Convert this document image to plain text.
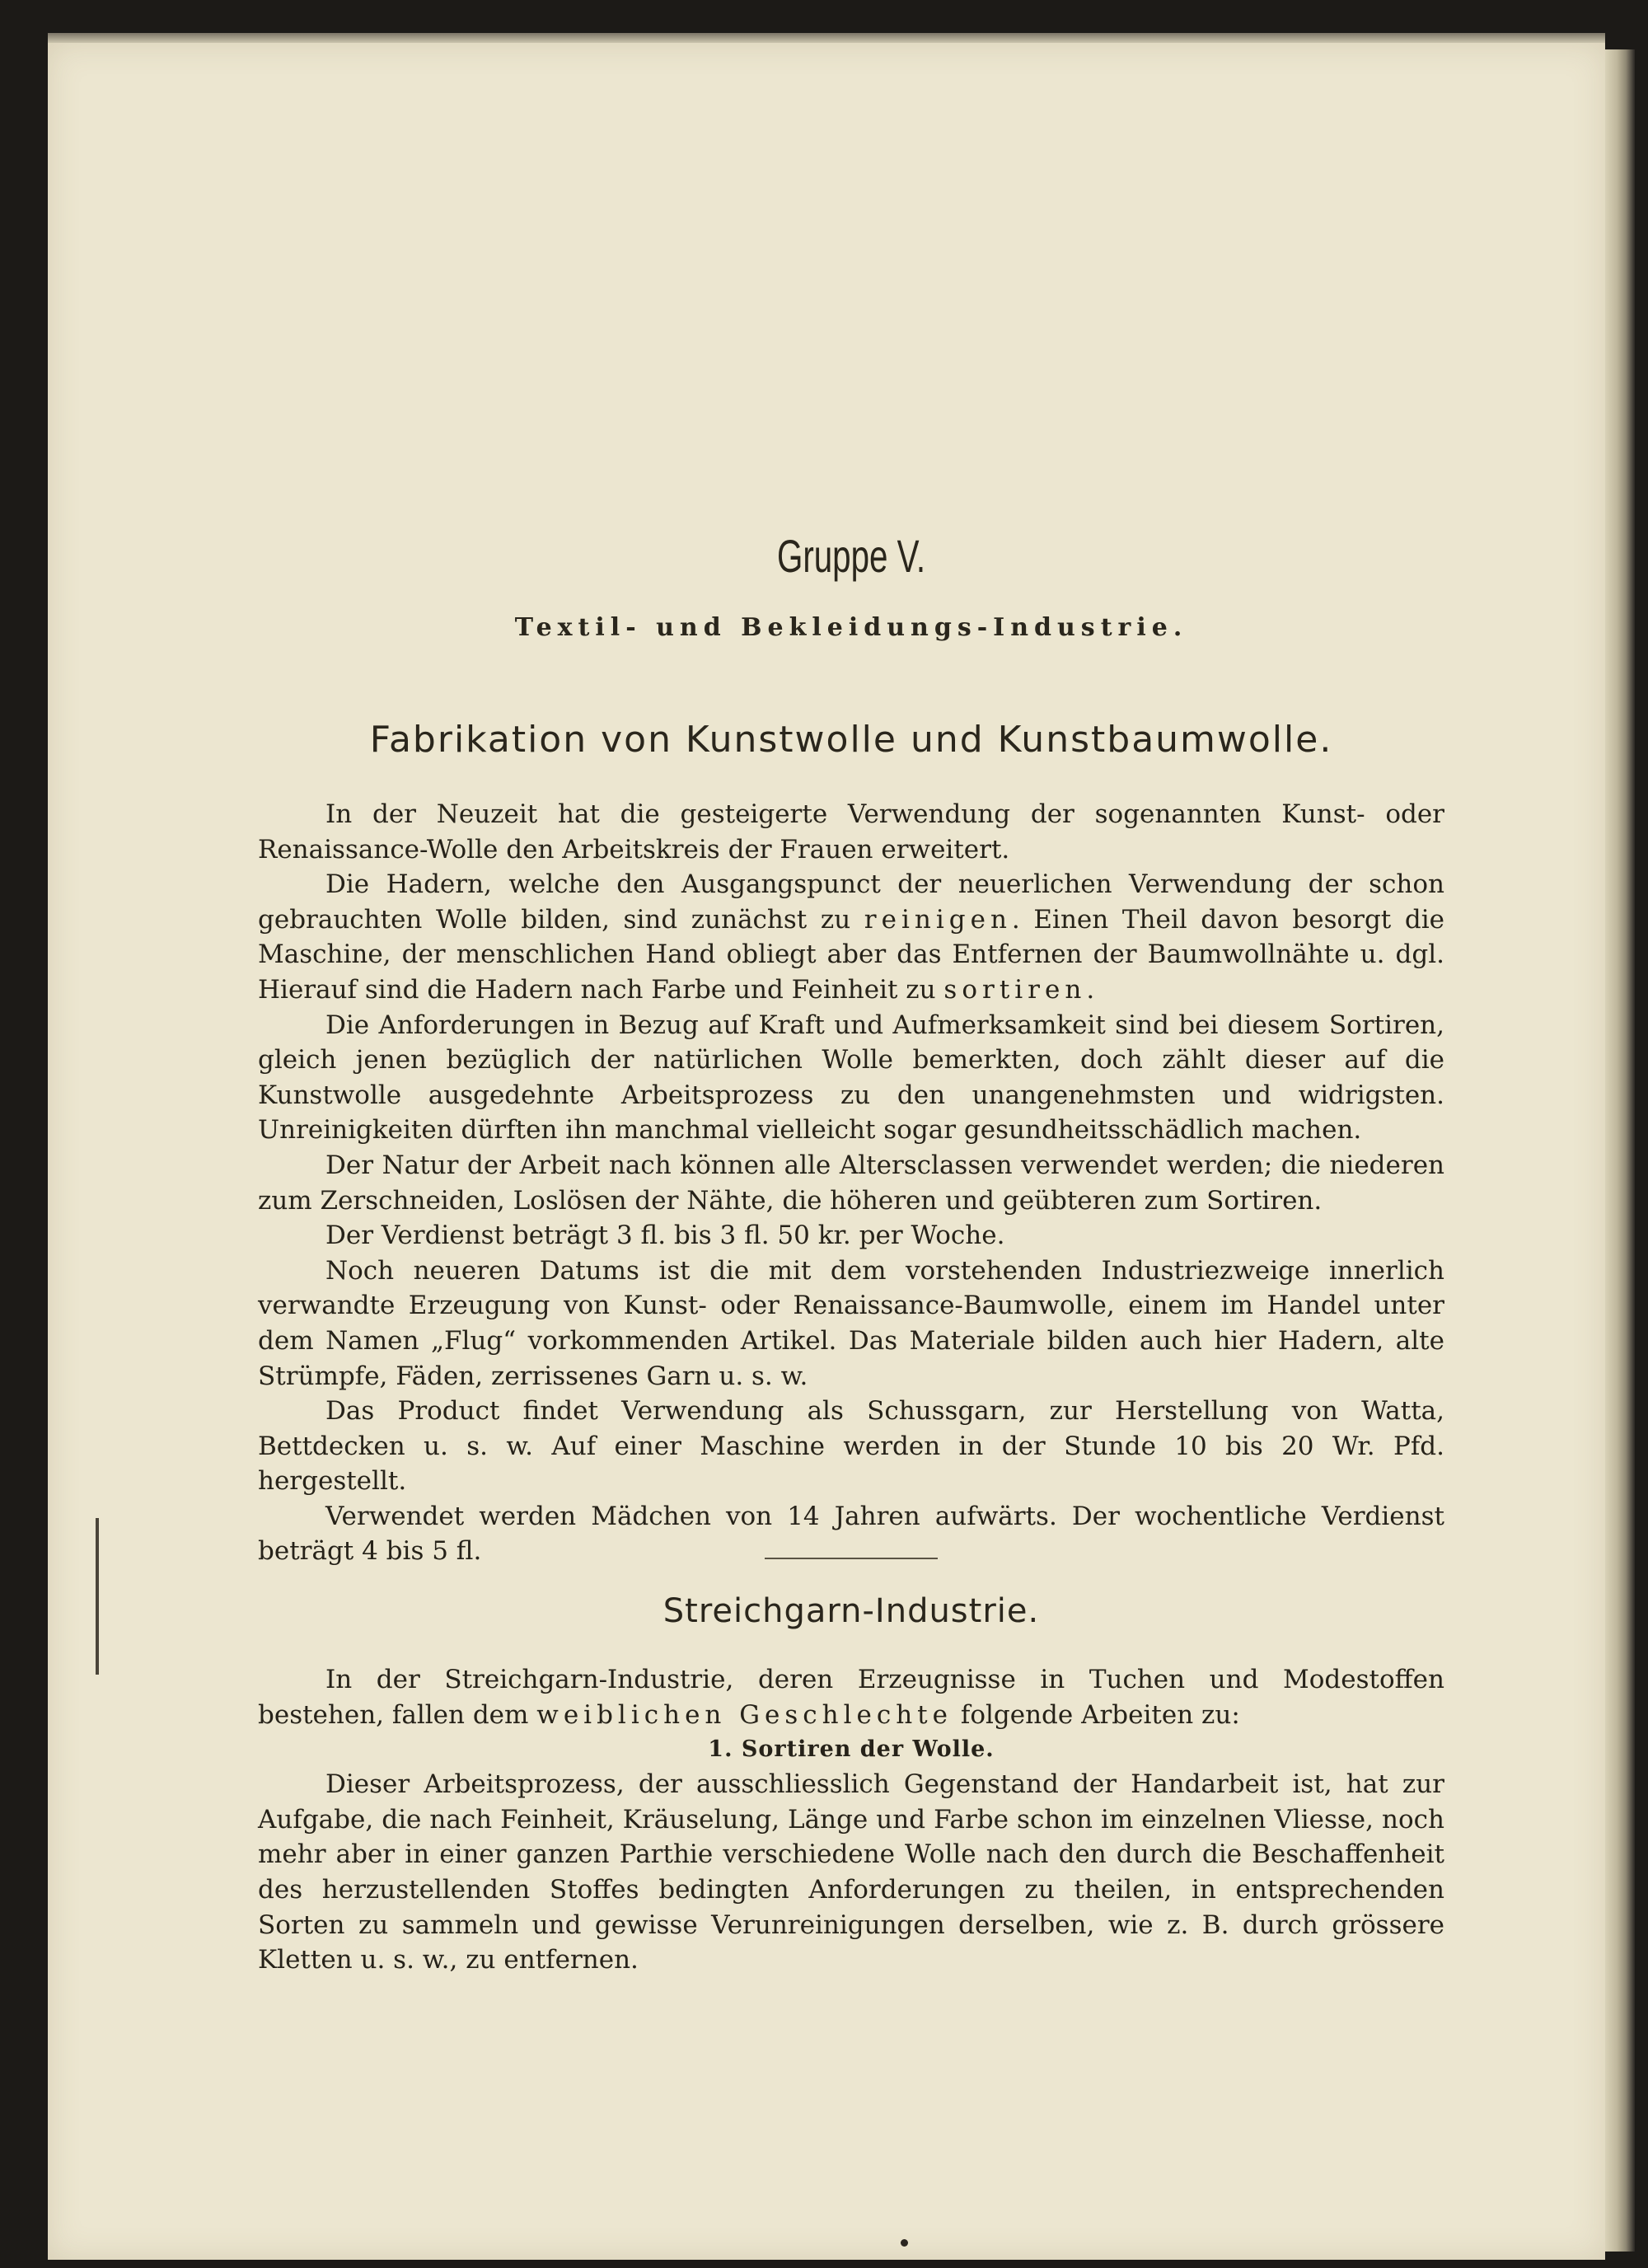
Gruppe V.
Textil- und Bekleidungs-Industrie.
Fabrikation von Kunstwolle und Kunstbaumwolle.

In der Neuzeit hat die gesteigerte Verwendung der sogenannten Kunst- oder Renaissance-Wolle den Arbeitskreis der Frauen erweitert.

Die Hadern, welche den Ausgangspunct der neuerlichen Verwendung der schon gebrauchten Wolle bilden, sind zunächst zu reinigen. Einen Theil davon besorgt die Maschine, der menschlichen Hand obliegt aber das Entfernen der Baumwollnähte u. dgl. Hierauf sind die Hadern nach Farbe und Feinheit zu sortiren.

Die Anforderungen in Bezug auf Kraft und Aufmerksamkeit sind bei diesem Sortiren, gleich jenen bezüglich der natürlichen Wolle bemerkten, doch zählt dieser auf die Kunstwolle ausgedehnte Arbeitsprozess zu den unangenehmsten und widrigsten. Unreinigkeiten dürften ihn manchmal vielleicht sogar gesundheitsschädlich machen.

Der Natur der Arbeit nach können alle Altersclassen verwendet werden; die niederen zum Zerschneiden, Loslösen der Nähte, die höheren und geübteren zum Sortiren.

Der Verdienst beträgt 3 fl. bis 3 fl. 50 kr. per Woche.

Noch neueren Datums ist die mit dem vorstehenden Industriezweige innerlich verwandte Erzeugung von Kunst- oder Renaissance-Baumwolle, einem im Handel unter dem Namen „Flug“ vorkommenden Artikel. Das Materiale bilden auch hier Hadern, alte Strümpfe, Fäden, zerrissenes Garn u. s. w.

Das Product findet Verwendung als Schussgarn, zur Herstellung von Watta, Bettdecken u. s. w. Auf einer Maschine werden in der Stunde 10 bis 20 Wr. Pfd. hergestellt.

Verwendet werden Mädchen von 14 Jahren aufwärts. Der wochentliche Verdienst beträgt 4 bis 5 fl.

Streichgarn-Industrie.

In der Streichgarn-Industrie, deren Erzeugnisse in Tuchen und Modestoffen bestehen, fallen dem weiblichen Geschlechte folgende Arbeiten zu:

1. Sortiren der Wolle.

Dieser Arbeitsprozess, der ausschliesslich Gegenstand der Handarbeit ist, hat zur Aufgabe, die nach Feinheit, Kräuselung, Länge und Farbe schon im einzelnen Vliesse, noch mehr aber in einer ganzen Parthie verschiedene Wolle nach den durch die Beschaffenheit des herzustellenden Stoffes bedingten Anforderungen zu theilen, in entsprechenden Sorten zu sammeln und gewisse Verunreinigungen derselben, wie z. B. durch grössere Kletten u. s. w., zu entfernen.
